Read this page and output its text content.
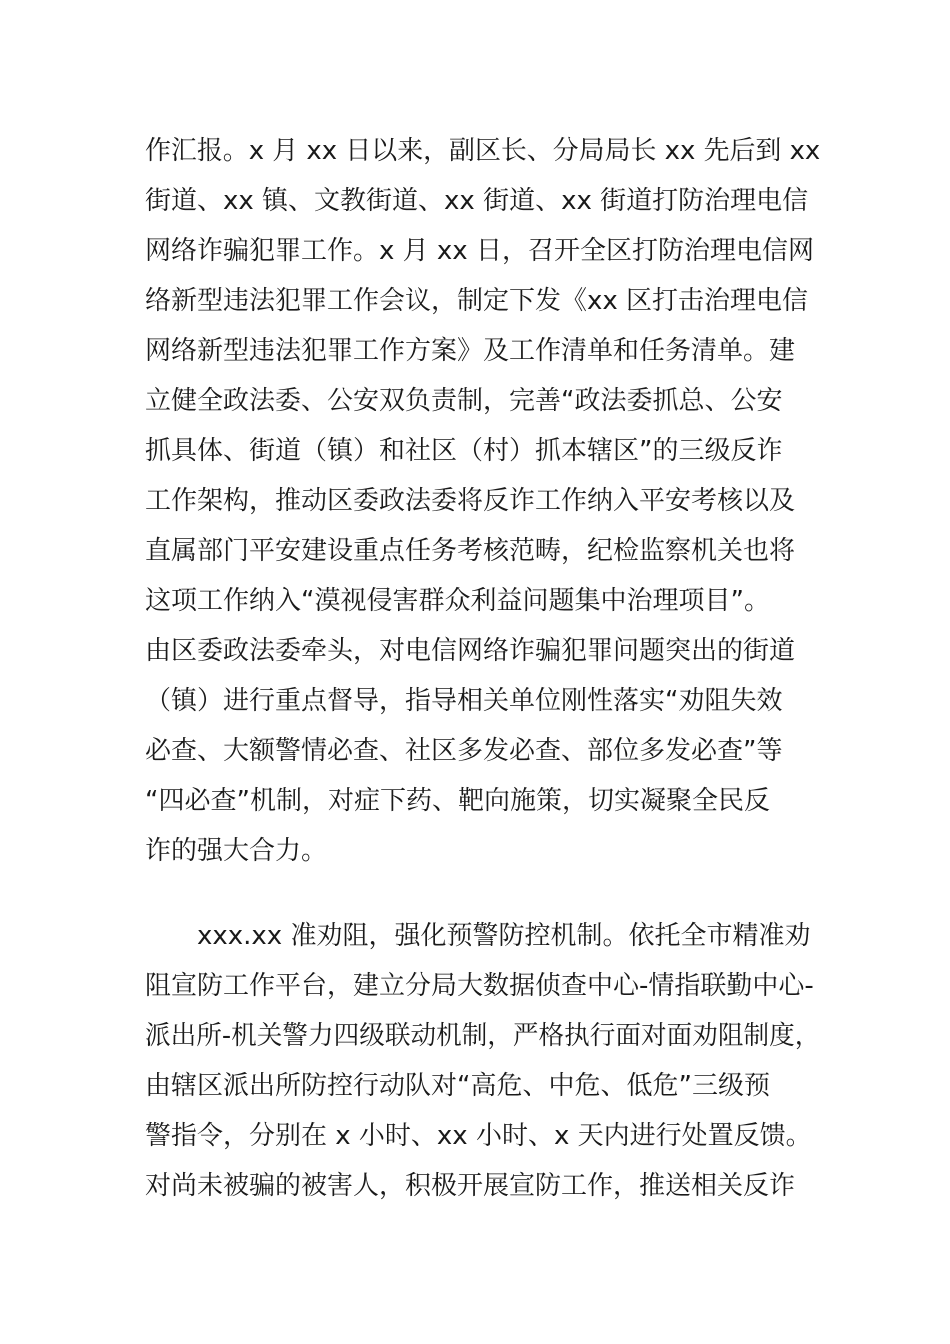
作汇报。x 月 xx 日以来，副区长、分局局长 xx 先后到 xx
街道、xx 镇、文教街道、xx 街道、xx 街道打防治理电信
网络诈骗犯罪工作。x 月 xx 日，召开全区打防治理电信网
络新型违法犯罪工作会议，制定下发《xx 区打击治理电信
网络新型违法犯罪工作方案》及工作清单和任务清单。建
立健全政法委、公安双负责制，完善“政法委抓总、公安
抓具体、街道（镇）和社区（村）抓本辖区”的三级反诈
工作架构，推动区委政法委将反诈工作纳入平安考核以及
直属部门平安建设重点任务考核范畴，纪检监察机关也将
这项工作纳入“漠视侵害群众利益问题集中治理项目”。
由区委政法委牵头，对电信网络诈骗犯罪问题突出的街道
（镇）进行重点督导，指导相关单位刚性落实“劝阻失效
必查、大额警情必查、社区多发必查、部位多发必查”等
“四必查”机制，对症下药、靶向施策，切实凝聚全民反
诈的强大合力。
xxx.xx 准劝阻，强化预警防控机制。依托全市精准劝
阻宣防工作平台，建立分局大数据侦查中心-情指联勤中心-
派出所-机关警力四级联动机制，严格执行面对面劝阻制度，
由辖区派出所防控行动队对“高危、中危、低危”三级预
警指令，分别在 x 小时、xx 小时、x 天内进行处置反馈。
对尚未被骗的被害人，积极开展宣防工作，推送相关反诈
